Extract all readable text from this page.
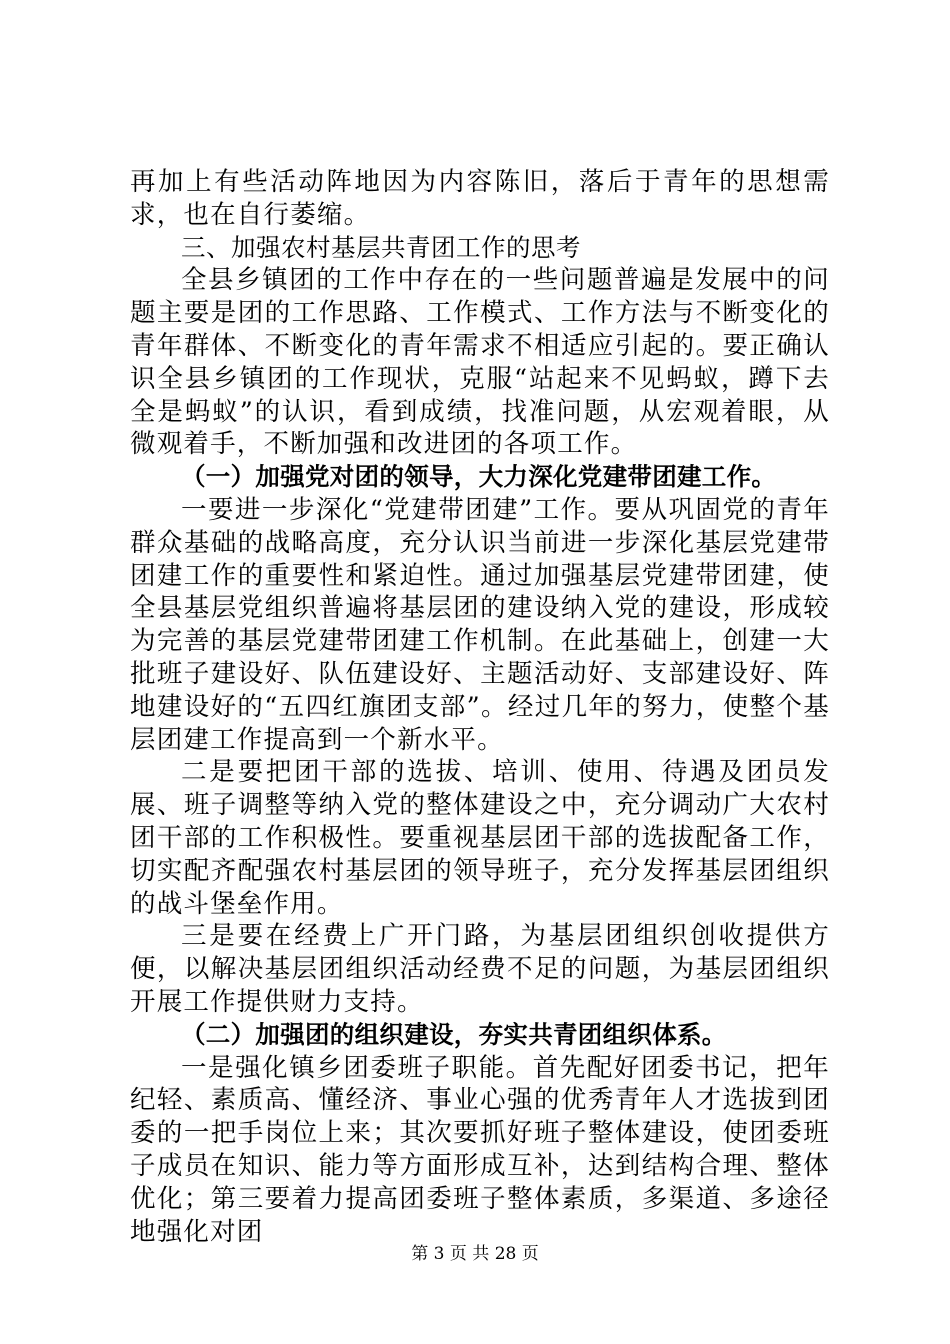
再加上有些活动阵地因为内容陈旧，落后于青年的思想需求，也在自行萎缩。

三、加强农村基层共青团工作的思考

全县乡镇团的工作中存在的一些问题普遍是发展中的问题主要是团的工作思路、工作模式、工作方法与不断变化的青年群体、不断变化的青年需求不相适应引起的。要正确认识全县乡镇团的工作现状，克服“站起来不见蚂蚁，蹲下去全是蚂蚁”的认识，看到成绩，找准问题，从宏观着眼，从微观着手，不断加强和改进团的各项工作。

（一）加强党对团的领导，大力深化党建带团建工作。

一要进一步深化“党建带团建”工作。要从巩固党的青年群众基础的战略高度，充分认识当前进一步深化基层党建带团建工作的重要性和紧迫性。通过加强基层党建带团建，使全县基层党组织普遍将基层团的建设纳入党的建设，形成较为完善的基层党建带团建工作机制。在此基础上，创建一大批班子建设好、队伍建设好、主题活动好、支部建设好、阵地建设好的“五四红旗团支部”。经过几年的努力，使整个基层团建工作提高到一个新水平。

二是要把团干部的选拔、培训、使用、待遇及团员发展、班子调整等纳入党的整体建设之中，充分调动广大农村团干部的工作积极性。要重视基层团干部的选拔配备工作，切实配齐配强农村基层团的领导班子，充分发挥基层团组织的战斗堡垒作用。

三是要在经费上广开门路，为基层团组织创收提供方便，以解决基层团组织活动经费不足的问题，为基层团组织开展工作提供财力支持。

（二）加强团的组织建设，夯实共青团组织体系。

一是强化镇乡团委班子职能。首先配好团委书记，把年纪轻、素质高、懂经济、事业心强的优秀青年人才选拔到团委的一把手岗位上来；其次要抓好班子整体建设，使团委班子成员在知识、能力等方面形成互补，达到结构合理、整体优化；第三要着力提高团委班子整体素质，多渠道、多途径地强化对团

第 3 页 共 28 页
